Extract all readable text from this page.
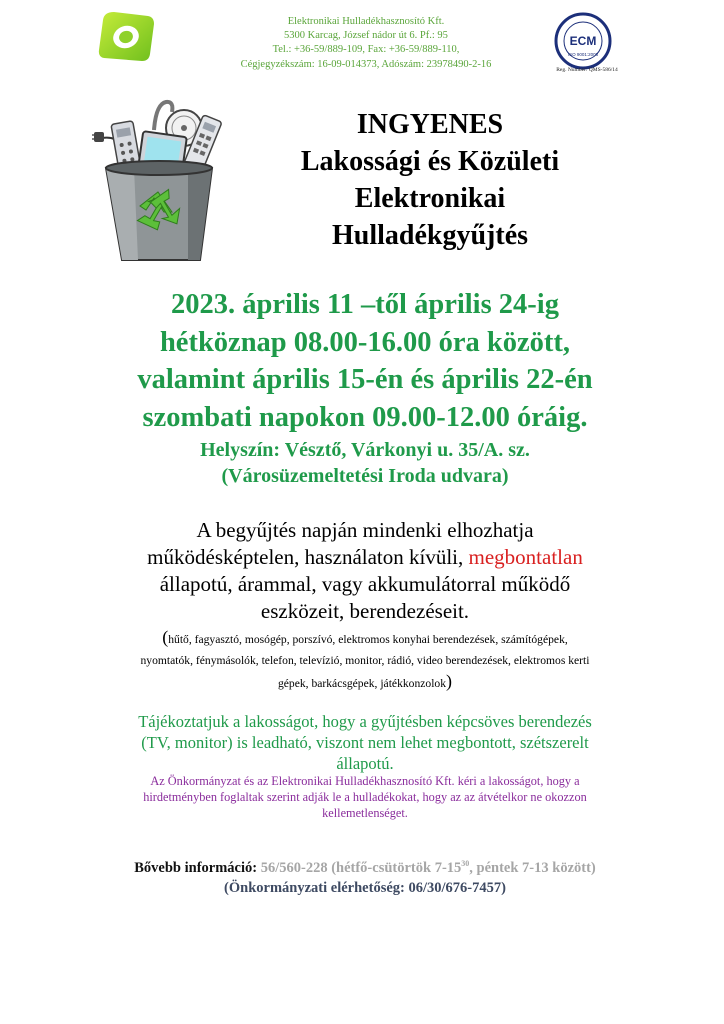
Elektronikai Hulladékhasznosító Kft.
5300 Karcag, József nádor út 6. Pf.: 95
Tel.: +36-59/889-109, Fax: +36-59/889-110,
Cégjegyzékszám: 16-09-014373, Adószám: 23978490-2-16
ECM
ISO 9001:2008
Reg. Number: QMS-586/14
INGYENES
Lakossági és Közületi
Elektronikai
Hulladékgyűjtés
2023. április 11 –től április 24-ig
hétköznap 08.00-16.00 óra között,
valamint április 15-én és április 22-én
szombati napokon 09.00-12.00 óráig.
Helyszín: Vésztő, Várkonyi u. 35/A. sz.
(Városüzemeltetési Iroda udvara)
A begyűjtés napján mindenki elhozhatja
működésképtelen, használaton kívüli, megbontatlan
állapotú, árammal, vagy akkumulátorral működő
eszközeit, berendezéseit.
(hűtő, fagyasztó, mosógép, porszívó, elektromos konyhai berendezések, számítógépek,
nyomtatók, fénymásolók, telefon, televízió, monitor, rádió, video berendezések, elektromos kerti
gépek, barkácsgépek, játékkonzolok)
Tájékoztatjuk a lakosságot, hogy a gyűjtésben képcsöves berendezés
(TV, monitor) is leadható, viszont nem lehet megbontott, szétszerelt
állapotú.
Az Önkormányzat és az Elektronikai Hulladékhasznosító Kft. kéri a lakosságot, hogy a
hirdetményben foglaltak szerint adják le a hulladékokat, hogy az az átvételkor ne okozzon
kellemetlenséget.
Bővebb információ: 56/560-228 (hétfő-csütörtök $7-15^{30}$, péntek 7-13 között)
(Önkormányzati elérhetőség: 06/30/676-7457)
